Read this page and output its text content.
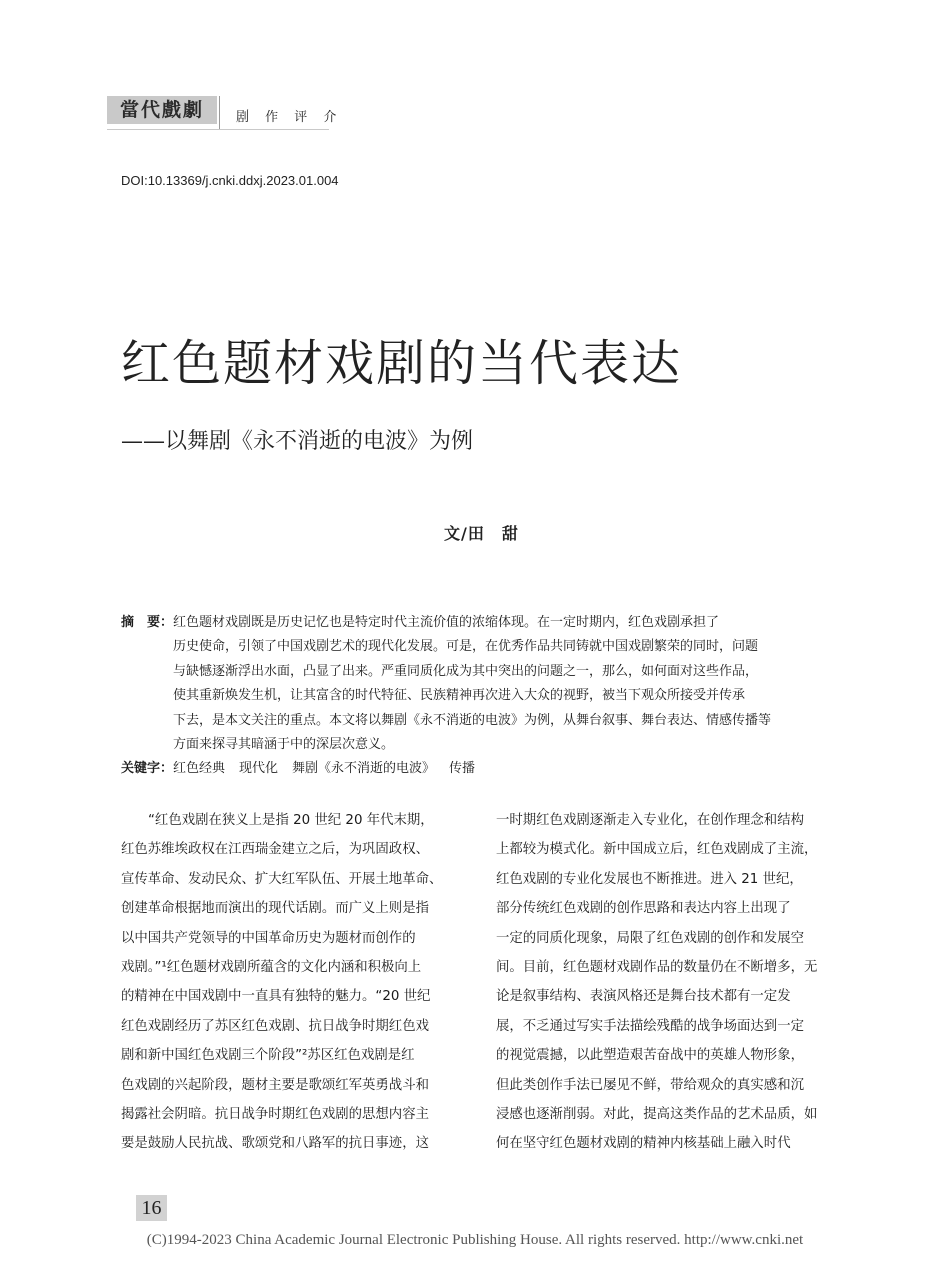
當代戲劇	剧 作 评 介
DOI:10.13369/j.cnki.ddxj.2023.01.004
红色题材戏剧的当代表达
——以舞剧《永不消逝的电波》为例
文/田　甜
摘　要： 红色题材戏剧既是历史记忆也是特定时代主流价值的浓缩体现。在一定时期内，红色戏剧承担了
历史使命，引领了中国戏剧艺术的现代化发展。可是，在优秀作品共同铸就中国戏剧繁荣的同时，问题
与缺憾逐渐浮出水面，凸显了出来。严重同质化成为其中突出的问题之一，那么，如何面对这些作品，
使其重新焕发生机，让其富含的时代特征、民族精神再次进入大众的视野，被当下观众所接受并传承
下去，是本文关注的重点。本文将以舞剧《永不消逝的电波》为例，从舞台叙事、舞台表达、情感传播等
方面来探寻其暗涵于中的深层次意义。
关键字： 红色经典 现代化 舞剧《永不消逝的电波》 传播
“红色戏剧在狭义上是指 20 世纪 20 年代末期，
红色苏维埃政权在江西瑞金建立之后，为巩固政权、
宣传革命、发动民众、扩大红军队伍、开展土地革命、
创建革命根据地而演出的现代话剧。而广义上则是指
以中国共产党领导的中国革命历史为题材而创作的
戏剧。”¹红色题材戏剧所蕴含的文化内涵和积极向上
的精神在中国戏剧中一直具有独特的魅力。“20 世纪
红色戏剧经历了苏区红色戏剧、抗日战争时期红色戏
剧和新中国红色戏剧三个阶段”²苏区红色戏剧是红
色戏剧的兴起阶段，题材主要是歌颂红军英勇战斗和
揭露社会阴暗。抗日战争时期红色戏剧的思想内容主
要是鼓励人民抗战、歌颂党和八路军的抗日事迹，这
一时期红色戏剧逐渐走入专业化，在创作理念和结构
上都较为模式化。新中国成立后，红色戏剧成了主流，
红色戏剧的专业化发展也不断推进。进入 21 世纪，
部分传统红色戏剧的创作思路和表达内容上出现了
一定的同质化现象，局限了红色戏剧的创作和发展空
间。目前，红色题材戏剧作品的数量仍在不断增多，无
论是叙事结构、表演风格还是舞台技术都有一定发
展，不乏通过写实手法描绘残酷的战争场面达到一定
的视觉震撼，以此塑造艰苦奋战中的英雄人物形象，
但此类创作手法已屡见不鲜，带给观众的真实感和沉
浸感也逐渐削弱。对此，提高这类作品的艺术品质，如
何在坚守红色题材戏剧的精神内核基础上融入时代
16
(C)1994-2023 China Academic Journal Electronic Publishing House. All rights reserved. http://www.cnki.net
